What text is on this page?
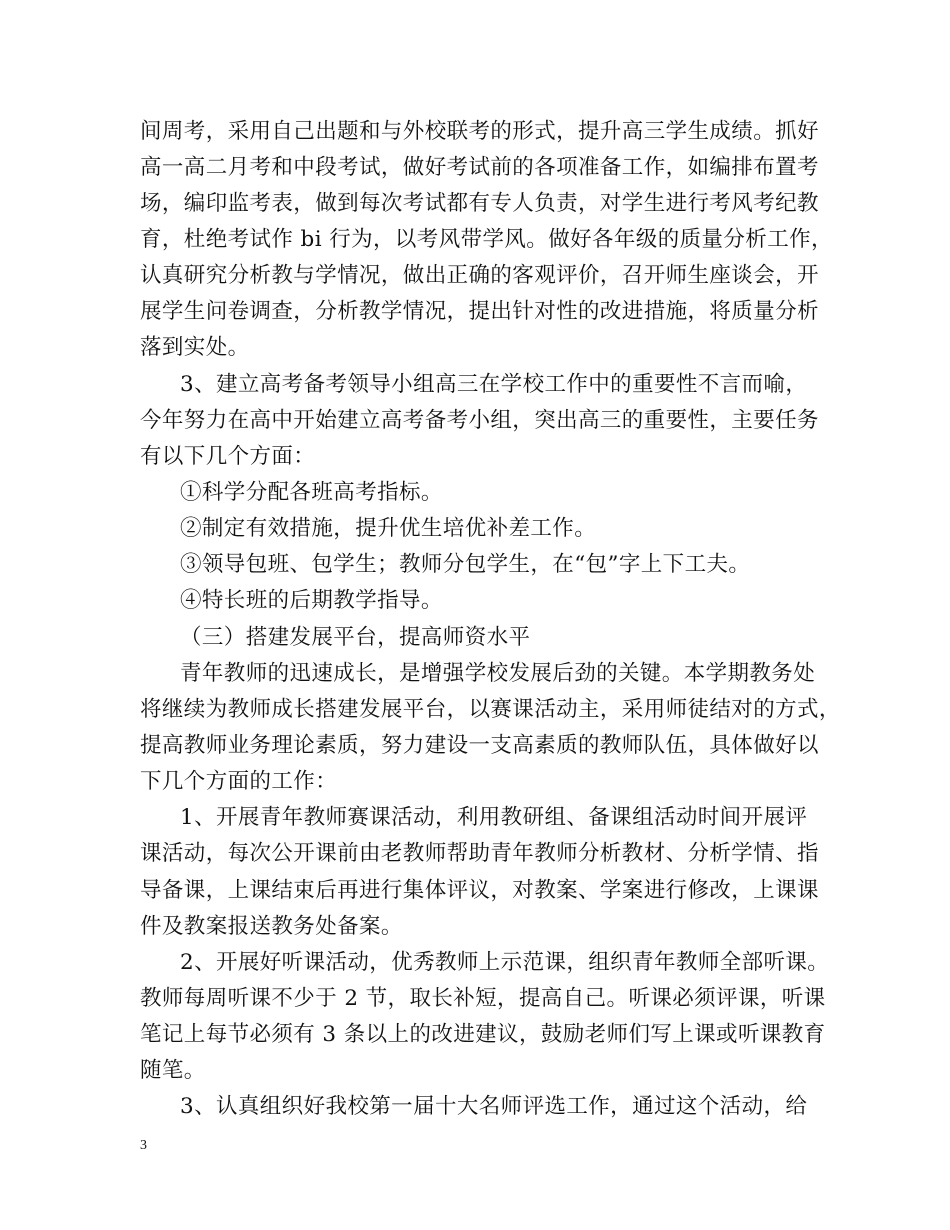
间周考，采用自己出题和与外校联考的形式，提升高三学生成绩。抓好
高一高二月考和中段考试，做好考试前的各项准备工作，如编排布置考
场，编印监考表，做到每次考试都有专人负责，对学生进行考风考纪教
育，杜绝考试作 bi 行为，以考风带学风。做好各年级的质量分析工作，
认真研究分析教与学情况，做出正确的客观评价，召开师生座谈会，开
展学生问卷调查，分析教学情况，提出针对性的改进措施，将质量分析
落到实处。
3、建立高考备考领导小组高三在学校工作中的重要性不言而喻，
今年努力在高中开始建立高考备考小组，突出高三的重要性，主要任务
有以下几个方面：
①科学分配各班高考指标。
②制定有效措施，提升优生培优补差工作。
③领导包班、包学生；教师分包学生，在“包”字上下工夫。
④特长班的后期教学指导。
（三）搭建发展平台，提高师资水平
青年教师的迅速成长，是增强学校发展后劲的关键。本学期教务处
将继续为教师成长搭建发展平台，以赛课活动主，采用师徒结对的方式，
提高教师业务理论素质，努力建设一支高素质的教师队伍，具体做好以
下几个方面的工作：
1、开展青年教师赛课活动，利用教研组、备课组活动时间开展评
课活动，每次公开课前由老教师帮助青年教师分析教材、分析学情、指
导备课，上课结束后再进行集体评议，对教案、学案进行修改，上课课
件及教案报送教务处备案。
2、开展好听课活动，优秀教师上示范课，组织青年教师全部听课。
教师每周听课不少于 2 节，取长补短，提高自己。听课必须评课，听课
笔记上每节必须有 3 条以上的改进建议，鼓励老师们写上课或听课教育
随笔。
3、认真组织好我校第一届十大名师评选工作，通过这个活动，给
3
